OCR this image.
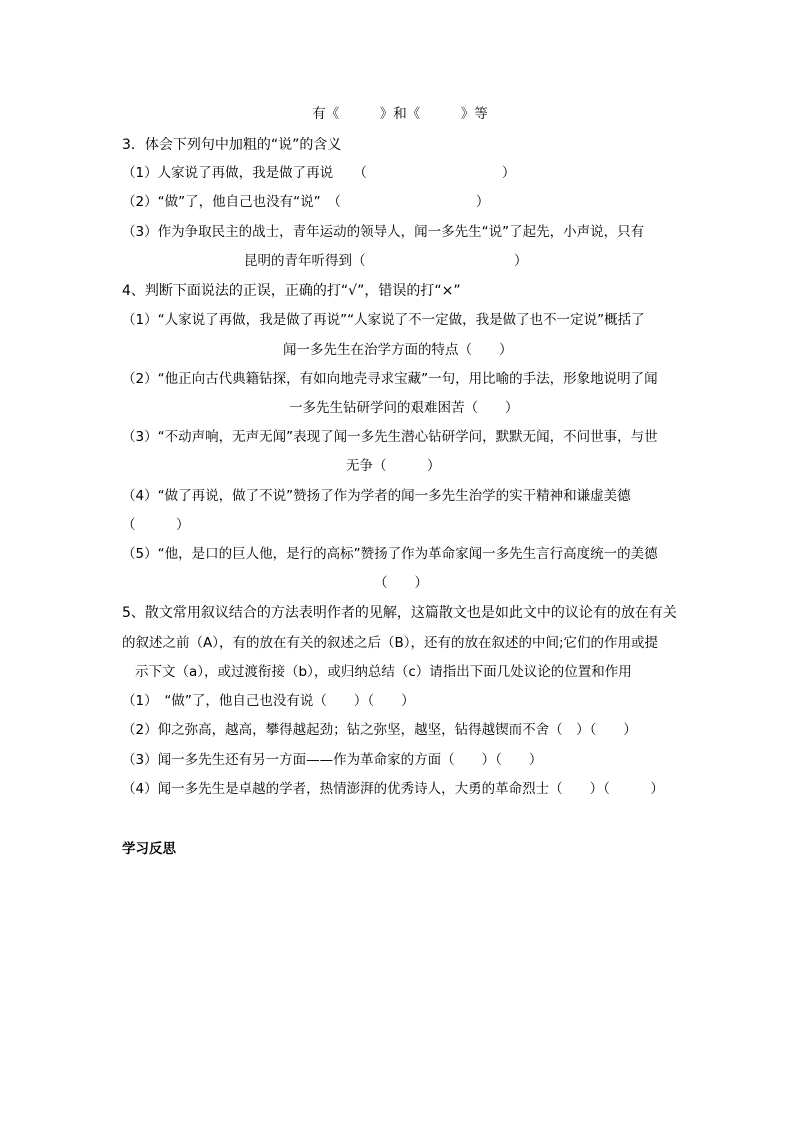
有《　　　》和《　　　》等
3．体会下列句中加粗的“说”的含义
（1）人家说了再做，我是做了再说　　（　　　　　　　　　　）
（2）“做”了，他自己也没有“说”　（　　　　　　　　　　）
（3）作为争取民主的战士，青年运动的领导人，闻一多先生“说”了起先，小声说，只有
昆明的青年听得到（　　　　　　　　　　　）
4、判断下面说法的正误，正确的打“√”，错误的打“×”
（1）“人家说了再做，我是做了再说”“人家说了不一定做，我是做了也不一定说”概括了
闻一多先生在治学方面的特点（　　）
（2）“他正向古代典籍钻探，有如向地壳寻求宝藏”一句，用比喻的手法，形象地说明了闻
一多先生钻研学问的艰难困苦（　　）
（3）“不动声响，无声无闻”表现了闻一多先生潜心钻研学问，默默无闻，不问世事，与世
无争（　　　）
（4）“做了再说，做了不说”赞扬了作为学者的闻一多先生治学的实干精神和谦虚美德
（　　　）
（5）“他，是口的巨人他，是行的高标”赞扬了作为革命家闻一多先生言行高度统一的美德
（　　）
5、散文常用叙议结合的方法表明作者的见解，这篇散文也是如此文中的议论有的放在有关
的叙述之前（A），有的放在有关的叙述之后（B），还有的放在叙述的中间;它们的作用或提
示下文（a），或过渡衔接（b），或归纳总结（c）请指出下面几处议论的位置和作用
（1）　“做”了，他自己也没有说（　　）（　　）
（2）仰之弥高，越高，攀得越起劲；钻之弥坚，越坚，钻得越锲而不舍（　）（　　）
（3）闻一多先生还有另一方面——作为革命家的方面（　　）（　　）
（4）闻一多先生是卓越的学者，热情澎湃的优秀诗人，大勇的革命烈士（　　）（　　　）
学习反思
